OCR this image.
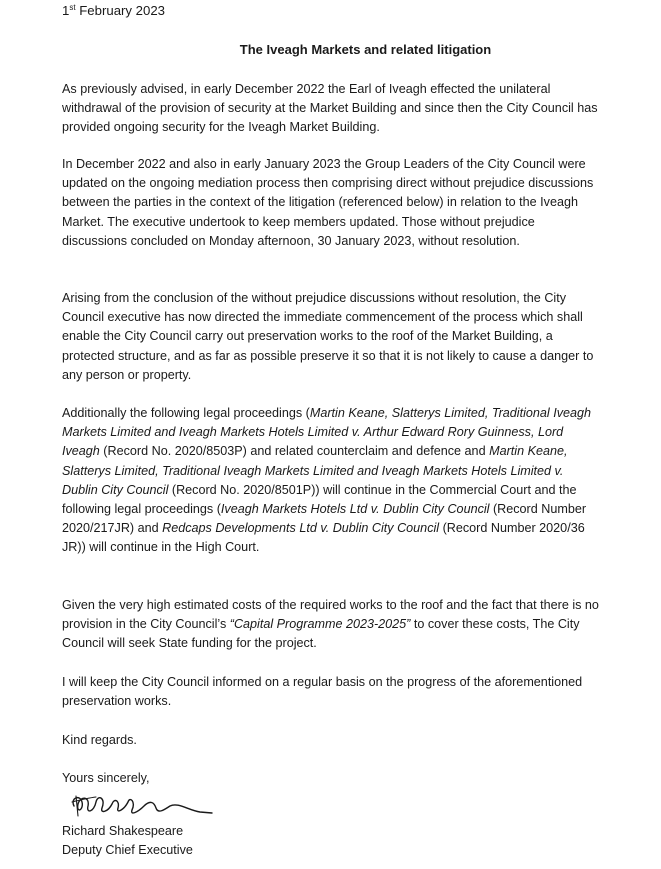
1st February 2023
The Iveagh Markets and related litigation

As previously advised, in early December 2022 the Earl of Iveagh effected the unilateral withdrawal of the provision of security at the Market Building and since then the City Council has provided ongoing security for the Iveagh Market Building.

In December 2022 and also in early January 2023 the Group Leaders of the City Council were updated on the ongoing mediation process then comprising direct without prejudice discussions between the parties in the context of the litigation (referenced below) in relation to the Iveagh Market. The executive undertook to keep members updated. Those without prejudice discussions concluded on Monday afternoon, 30 January 2023, without resolution.

Arising from the conclusion of the without prejudice discussions without resolution, the City Council executive has now directed the immediate commencement of the process which shall enable the City Council carry out preservation works to the roof of the Market Building, a protected structure, and as far as possible preserve it so that it is not likely to cause a danger to any person or property.

Additionally the following legal proceedings (Martin Keane, Slatterys Limited, Traditional Iveagh Markets Limited and Iveagh Markets Hotels Limited v. Arthur Edward Rory Guinness, Lord Iveagh (Record No. 2020/8503P) and related counterclaim and defence and Martin Keane, Slatterys Limited, Traditional Iveagh Markets Limited and Iveagh Markets Hotels Limited v. Dublin City Council (Record No. 2020/8501P)) will continue in the Commercial Court and the following legal proceedings (Iveagh Markets Hotels Ltd v. Dublin City Council (Record Number 2020/217JR) and Redcaps Developments Ltd v. Dublin City Council (Record Number 2020/36 JR)) will continue in the High Court.

Given the very high estimated costs of the required works to the roof and the fact that there is no provision in the City Council’s “Capital Programme 2023-2025” to cover these costs, The City Council will seek State funding for the project.

I will keep the City Council informed on a regular basis on the progress of the aforementioned preservation works.

Kind regards.

Yours sincerely,

Richard Shakespeare
Deputy Chief Executive
